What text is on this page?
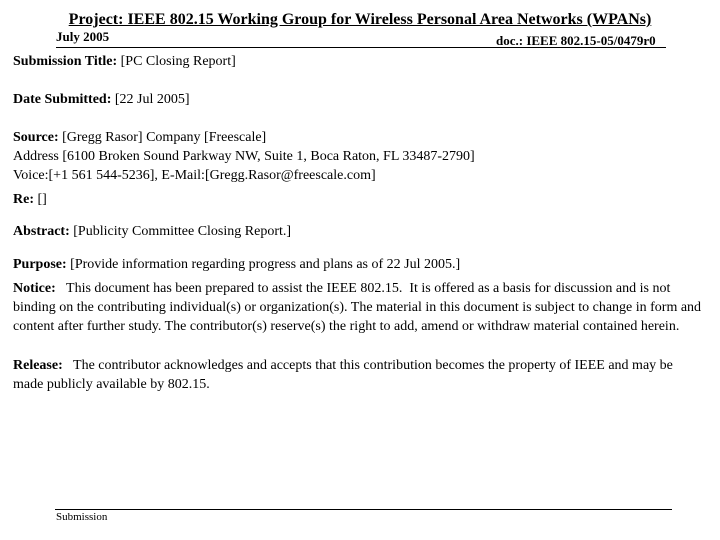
Project: IEEE 802.15 Working Group for Wireless Personal Area Networks (WPANs)
July 2005	doc.: IEEE 802.15-05/0479r0
Submission Title: [PC Closing Report]
Date Submitted: [22 Jul 2005]
Source: [Gregg Rasor] Company [Freescale]
Address [6100 Broken Sound Parkway NW, Suite 1, Boca Raton, FL 33487-2790]
Voice:[+1 561 544-5236], E-Mail:[Gregg.Rasor@freescale.com]
Re: []
Abstract: [Publicity Committee Closing Report.]
Purpose: [Provide information regarding progress and plans as of 22 Jul 2005.]
Notice:   This document has been prepared to assist the IEEE 802.15.  It is offered as a basis for discussion and is not binding on the contributing individual(s) or organization(s). The material in this document is subject to change in form and content after further study. The contributor(s) reserve(s) the right to add, amend or withdraw material contained herein.
Release:   The contributor acknowledges and accepts that this contribution becomes the property of IEEE and may be made publicly available by 802.15.
Submission
